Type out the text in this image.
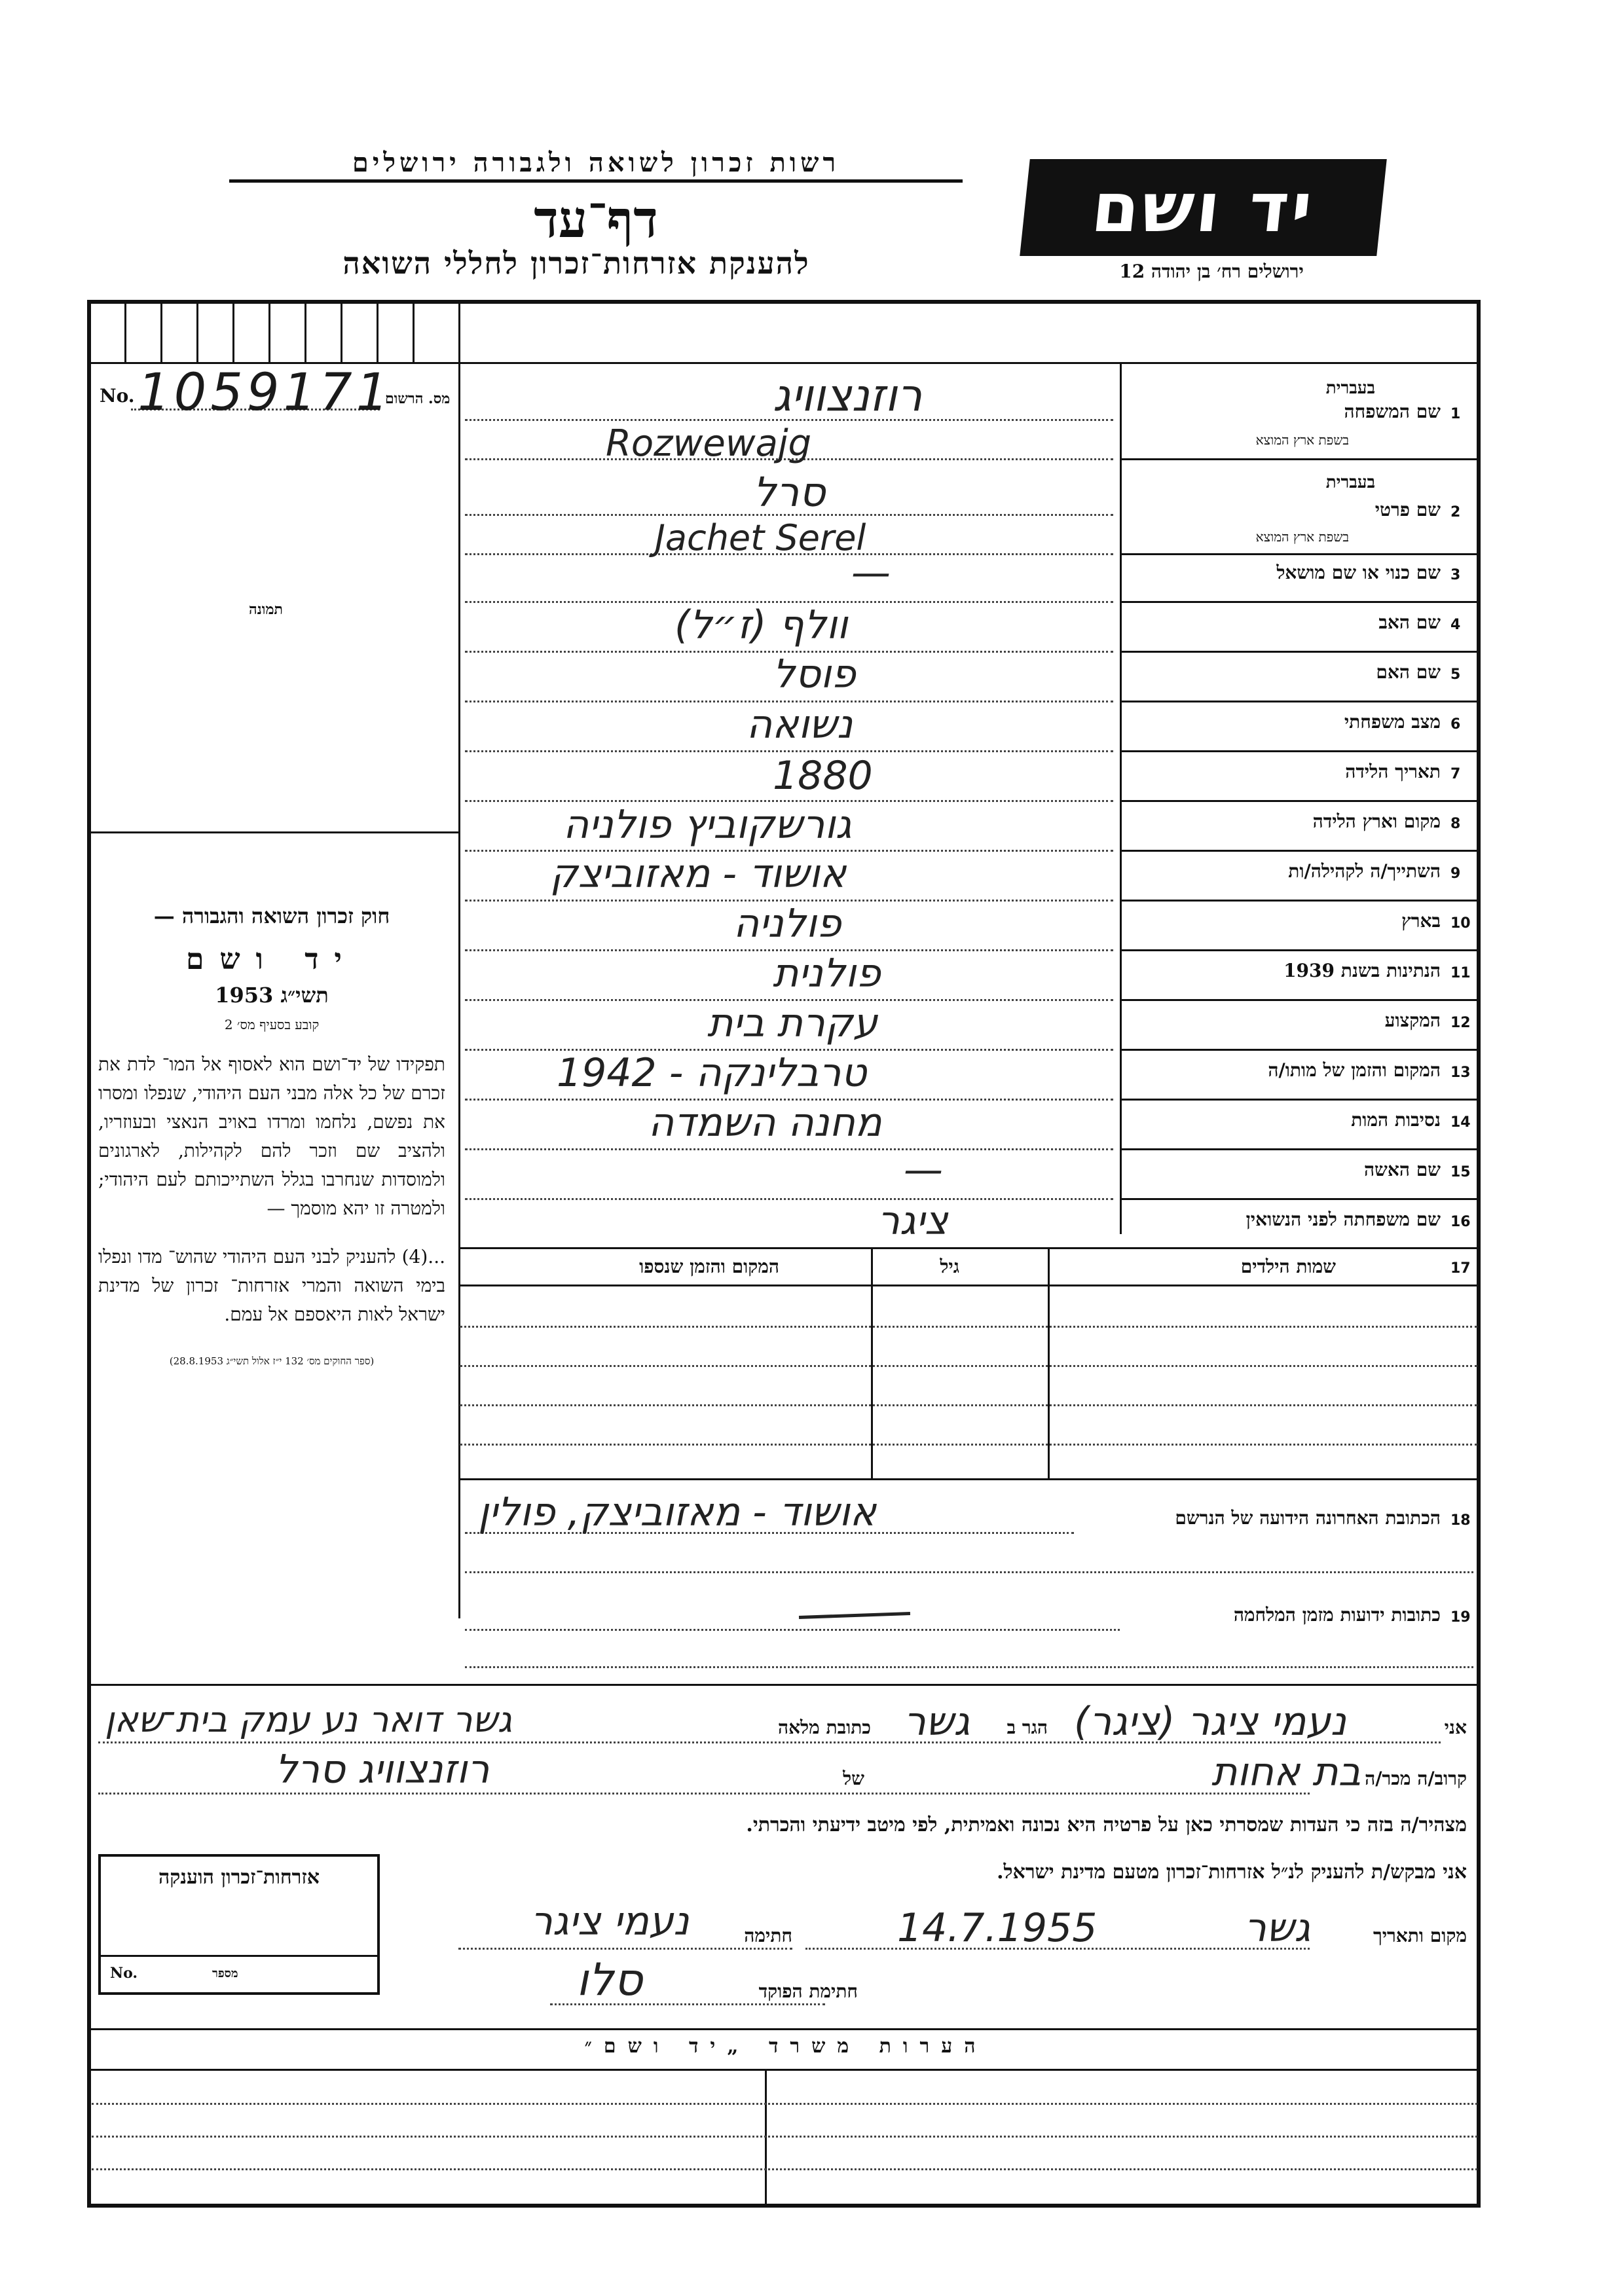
רשות זכרון לשואה ולגבורה ירושלים
דף־עד
להענקת אזרחות־זכרון לחללי השואה
יד ושם
ירושלים רח׳ בן יהודה 12
No. 1059171
מס. הרשום
תמונה
חוק זכרון השואה והגבורה —
יד ושם
תשי״ג 1953
קובע בסעיף מס׳ 2
תפקידו של יד־ושם הוא לאסוף אל המו־ לדת את זכרם של כל אלה מבני העם היהודי, שנפלו ומסרו את נפשם, נלחמו ומרדו באויב הנאצי ובעוזריו, ולהציב שם וזכר להם לקהילות, לארגונים ולמוסדות שנחרבו בגלל השתייכותם לעם היהודי; ולמטרה זו יהא מוסמך —
...(4) להעניק לבני העם היהודי שהוש־ מדו ונפלו בימי השואה והמרי אזרחות־ זכרון של מדינת ישראל לאות היאספם אל עמם.
(ספר החוקים מס׳ 132 י״ז אלול תשי״ג 28.8.1953)
1
שם המשפחה
בעברית
בשפת ארץ המוצא
רוזנצוויג
Rozwewajg
2
שם פרטי
בעברית
בשפת ארץ המוצא
סרל
Jachet Serel
3
שם כנוי או שם מושאל
—
4
שם האב
וולף (ז״ל)
5
שם האם
פוסל
6
מצב משפחתי
נשואה
7
תאריך הלידה
1880
8
מקום וארץ הלידה
גורשקוביץ פולניה
9
השתייך/ה לקהילה/ות
אושוד - מאזוביצק
10
בארץ
פולניה
11
הנתינות בשנת 1939
פולנית
12
המקצוע
עקרת בית
13
המקום והזמן של מותו/ה
טרבלינקה - 1942
14
נסיבות המות
מחנה השמדה
15
שם האשה
—
16
שם משפחתה לפני הנשואין
ציגר
17
שמות הילדים
גיל
המקום והזמן שנספו
18
הכתובת האחרונה הידועה של הנרשם
אושוד - מאזוביצק, פולין
19
כתובות ידועות מזמן המלחמה
אני
נעמי ציגר (ציגר)
הגר ב
גשר
כתובת מלאה
גשר דואר נע עמק בית־שאן
קרוב/ה מכר/ה
בת אחות
של
רוזנצוויג סרל
מצהיר/ה בזה כי העדות שמסרתי כאן על פרטיה היא נכונה ואמיתית, לפי מיטב ידיעתי והכרתי.
אני מבקש/ת להעניק לנ״ל אזרחות־זכרון מטעם מדינת ישראל.
מקום ותאריך
גשר
14.7.1955
חתימה
נעמי ציגר
חתימת הפוקד
סלו
אזרחות־זכרון הוענקה
No.	מספר
הערות משרד „יד ושם״
